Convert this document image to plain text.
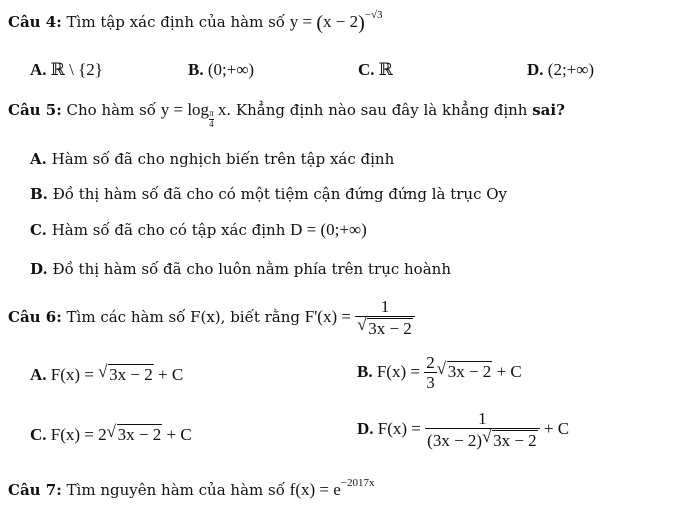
Câu 4: Tìm tập xác định của hàm số $y = (x - 2)^{-√3}$
A. ℝ \ {2}	B. (0;+∞)	C. ℝ	D. (2;+∞)
Câu 5: Cho hàm số $y = \log \frac{\pi}{4} x$. Khẳng định nào sau đây là khẳng định sai?
A. Hàm số đã cho nghịch biến trên tập xác định
B. Đồ thị hàm số đã cho có một tiệm cận đứng đứng là trục Oy
C. Hàm số đã cho có tập xác định D = (0;+∞)
D. Đồ thị hàm số đã cho luôn nằm phía trên trục hoành
Câu 6: Tìm các hàm số F(x), biết rằng $F'(x) = \frac{1}{√ 3x - 2}$
A. F(x) = √ 3x − 2 + C	B. $F(x) = \frac{2}{3}$ √ 3x − 2 + C
C. F(x) = 2 √ 3x − 2 + C	D. $F(x) = \frac{1}{(3x - 2) √ 3x - 2} + C$
Câu 7: Tìm nguyên hàm của hàm số $f(x) = e^{-2017x}$
